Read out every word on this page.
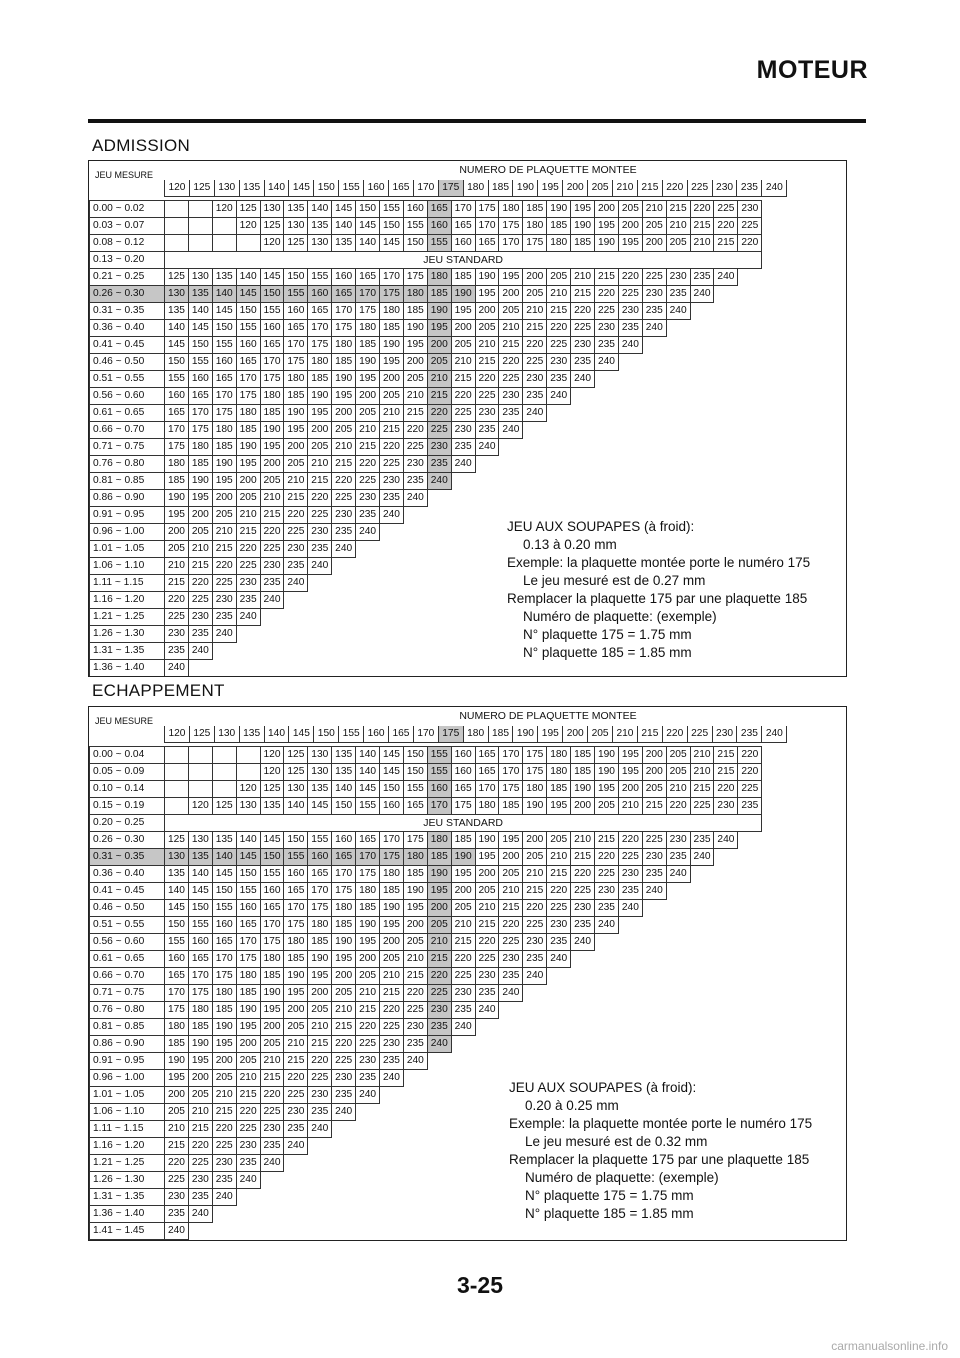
MOTEUR
ADMISSION
JEU MESURE	NUMERO DE PLAQUETTE MONTEE
JEU AUX SOUPAPES (à froid):
0.13 à 0.20 mm
Exemple: la plaquette montée porte le numéro 175
Le jeu mesuré est de 0.27 mm
Remplacer la plaquette 175 par une plaquette 185
Numéro de plaquette: (exemple)
N° plaquette 175 = 1.75 mm
N° plaquette 185 = 1.85 mm
	120	125	130	135	140	145	150	155	160	165	170	175	180	185	190	195	200	205	210	215	220	225	230	235	240
0.00 ~ 0.02			120	125	130	135	140	145	150	155	160	165	170	175	180	185	190	195	200	205	210	215	220	225	230
0.03 ~ 0.07				120	125	130	135	140	145	150	155	160	165	170	175	180	185	190	195	200	205	210	215	220	225
0.08 ~ 0.12					120	125	130	135	140	145	150	155	160	165	170	175	180	185	190	195	200	205	210	215	220
0.13 ~ 0.20	JEU STANDARD																								
0.21 ~ 0.25	125	130	135	140	145	150	155	160	165	170	175	180	185	190	195	200	205	210	215	220	225	230	235	240	
0.26 ~ 0.30	130	135	140	145	150	155	160	165	170	175	180	185	190	195	200	205	210	215	220	225	230	235	240		
0.31 ~ 0.35	135	140	145	150	155	160	165	170	175	180	185	190	195	200	205	210	215	220	225	230	235	240			
0.36 ~ 0.40	140	145	150	155	160	165	170	175	180	185	190	195	200	205	210	215	220	225	230	235	240				
0.41 ~ 0.45	145	150	155	160	165	170	175	180	185	190	195	200	205	210	215	220	225	230	235	240					
0.46 ~ 0.50	150	155	160	165	170	175	180	185	190	195	200	205	210	215	220	225	230	235	240						
0.51 ~ 0.55	155	160	165	170	175	180	185	190	195	200	205	210	215	220	225	230	235	240							
0.56 ~ 0.60	160	165	170	175	180	185	190	195	200	205	210	215	220	225	230	235	240								
0.61 ~ 0.65	165	170	175	180	185	190	195	200	205	210	215	220	225	230	235	240									
0.66 ~ 0.70	170	175	180	185	190	195	200	205	210	215	220	225	230	235	240										
0.71 ~ 0.75	175	180	185	190	195	200	205	210	215	220	225	230	235	240											
0.76 ~ 0.80	180	185	190	195	200	205	210	215	220	225	230	235	240												
0.81 ~ 0.85	185	190	195	200	205	210	215	220	225	230	235	240													
0.86 ~ 0.90	190	195	200	205	210	215	220	225	230	235	240														
0.91 ~ 0.95	195	200	205	210	215	220	225	230	235	240															
0.96 ~ 1.00	200	205	210	215	220	225	230	235	240																
1.01 ~ 1.05	205	210	215	220	225	230	235	240																	
1.06 ~ 1.10	210	215	220	225	230	235	240																		
1.11 ~ 1.15	215	220	225	230	235	240																			
1.16 ~ 1.20	220	225	230	235	240																				
1.21 ~ 1.25	225	230	235	240																					
1.26 ~ 1.30	230	235	240																						
1.31 ~ 1.35	235	240																							
1.36 ~ 1.40	240																								
ECHAPPEMENT
JEU MESURE	NUMERO DE PLAQUETTE MONTEE
JEU AUX SOUPAPES (à froid):
0.20 à 0.25 mm
Exemple: la plaquette montée porte le numéro 175
Le jeu mesuré est de 0.32 mm
Remplacer la plaquette 175 par une plaquette 185
Numéro de plaquette: (exemple)
N° plaquette 175 = 1.75 mm
N° plaquette 185 = 1.85 mm
	120	125	130	135	140	145	150	155	160	165	170	175	180	185	190	195	200	205	210	215	220	225	230	235	240
0.00 ~ 0.04					120	125	130	135	140	145	150	155	160	165	170	175	180	185	190	195	200	205	210	215	220
0.05 ~ 0.09					120	125	130	135	140	145	150	155	160	165	170	175	180	185	190	195	200	205	210	215	220
0.10 ~ 0.14				120	125	130	135	140	145	150	155	160	165	170	175	180	185	190	195	200	205	210	215	220	225
0.15 ~ 0.19		120	125	130	135	140	145	150	155	160	165	170	175	180	185	190	195	200	205	210	215	220	225	230	235
0.20 ~ 0.25	JEU STANDARD																								
0.26 ~ 0.30	125	130	135	140	145	150	155	160	165	170	175	180	185	190	195	200	205	210	215	220	225	230	235	240	
0.31 ~ 0.35	130	135	140	145	150	155	160	165	170	175	180	185	190	195	200	205	210	215	220	225	230	235	240		
0.36 ~ 0.40	135	140	145	150	155	160	165	170	175	180	185	190	195	200	205	210	215	220	225	230	235	240			
0.41 ~ 0.45	140	145	150	155	160	165	170	175	180	185	190	195	200	205	210	215	220	225	230	235	240				
0.46 ~ 0.50	145	150	155	160	165	170	175	180	185	190	195	200	205	210	215	220	225	230	235	240					
0.51 ~ 0.55	150	155	160	165	170	175	180	185	190	195	200	205	210	215	220	225	230	235	240						
0.56 ~ 0.60	155	160	165	170	175	180	185	190	195	200	205	210	215	220	225	230	235	240							
0.61 ~ 0.65	160	165	170	175	180	185	190	195	200	205	210	215	220	225	230	235	240								
0.66 ~ 0.70	165	170	175	180	185	190	195	200	205	210	215	220	225	230	235	240									
0.71 ~ 0.75	170	175	180	185	190	195	200	205	210	215	220	225	230	235	240										
0.76 ~ 0.80	175	180	185	190	195	200	205	210	215	220	225	230	235	240											
0.81 ~ 0.85	180	185	190	195	200	205	210	215	220	225	230	235	240												
0.86 ~ 0.90	185	190	195	200	205	210	215	220	225	230	235	240													
0.91 ~ 0.95	190	195	200	205	210	215	220	225	230	235	240														
0.96 ~ 1.00	195	200	205	210	215	220	225	230	235	240															
1.01 ~ 1.05	200	205	210	215	220	225	230	235	240																
1.06 ~ 1.10	205	210	215	220	225	230	235	240																	
1.11 ~ 1.15	210	215	220	225	230	235	240																		
1.16 ~ 1.20	215	220	225	230	235	240																			
1.21 ~ 1.25	220	225	230	235	240																				
1.26 ~ 1.30	225	230	235	240																					
1.31 ~ 1.35	230	235	240																						
1.36 ~ 1.40	235	240																							
1.41 ~ 1.45	240																								
3-25
carmanualsonline.info
